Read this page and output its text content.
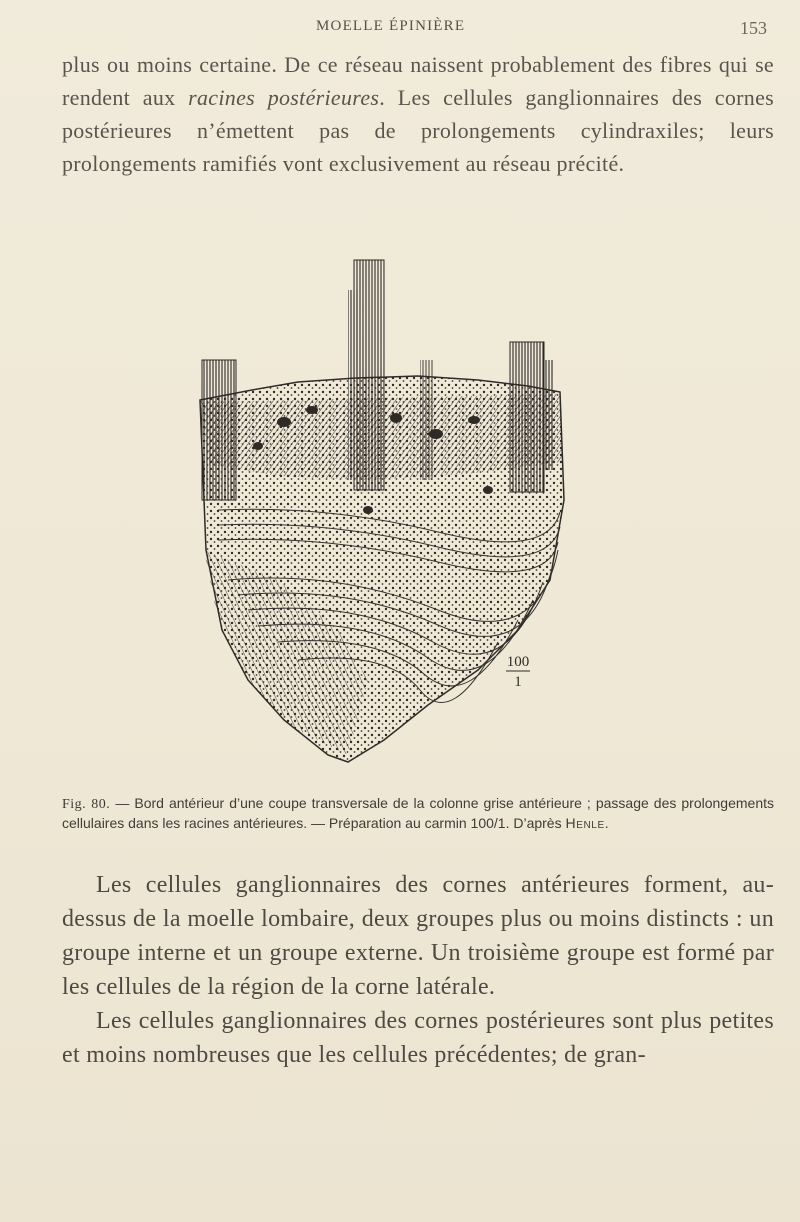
MOELLE ÉPINIÈRE	153

plus ou moins certaine. De ce réseau naissent probablement des fibres qui se rendent aux racines postérieures. Les cellules ganglionnaires des cornes postérieures n’émettent pas de prolongements cylindraxiles; leurs prolongements ramifiés vont exclusivement au réseau précité.

100
1
Fig. 80. — Bord antérieur d’une coupe transversale de la colonne grise antérieure ; passage des prolongements cellulaires dans les racines antérieures. — Préparation au carmin 100/1. D’après Henle.

Les cellules ganglionnaires des cornes antérieures forment, au-dessus de la moelle lombaire, deux groupes plus ou moins distincts : un groupe interne et un groupe externe. Un troisième groupe est formé par les cellules de la région de la corne latérale.

Les cellules ganglionnaires des cornes postérieures sont plus petites et moins nombreuses que les cellules précédentes; de gran-
